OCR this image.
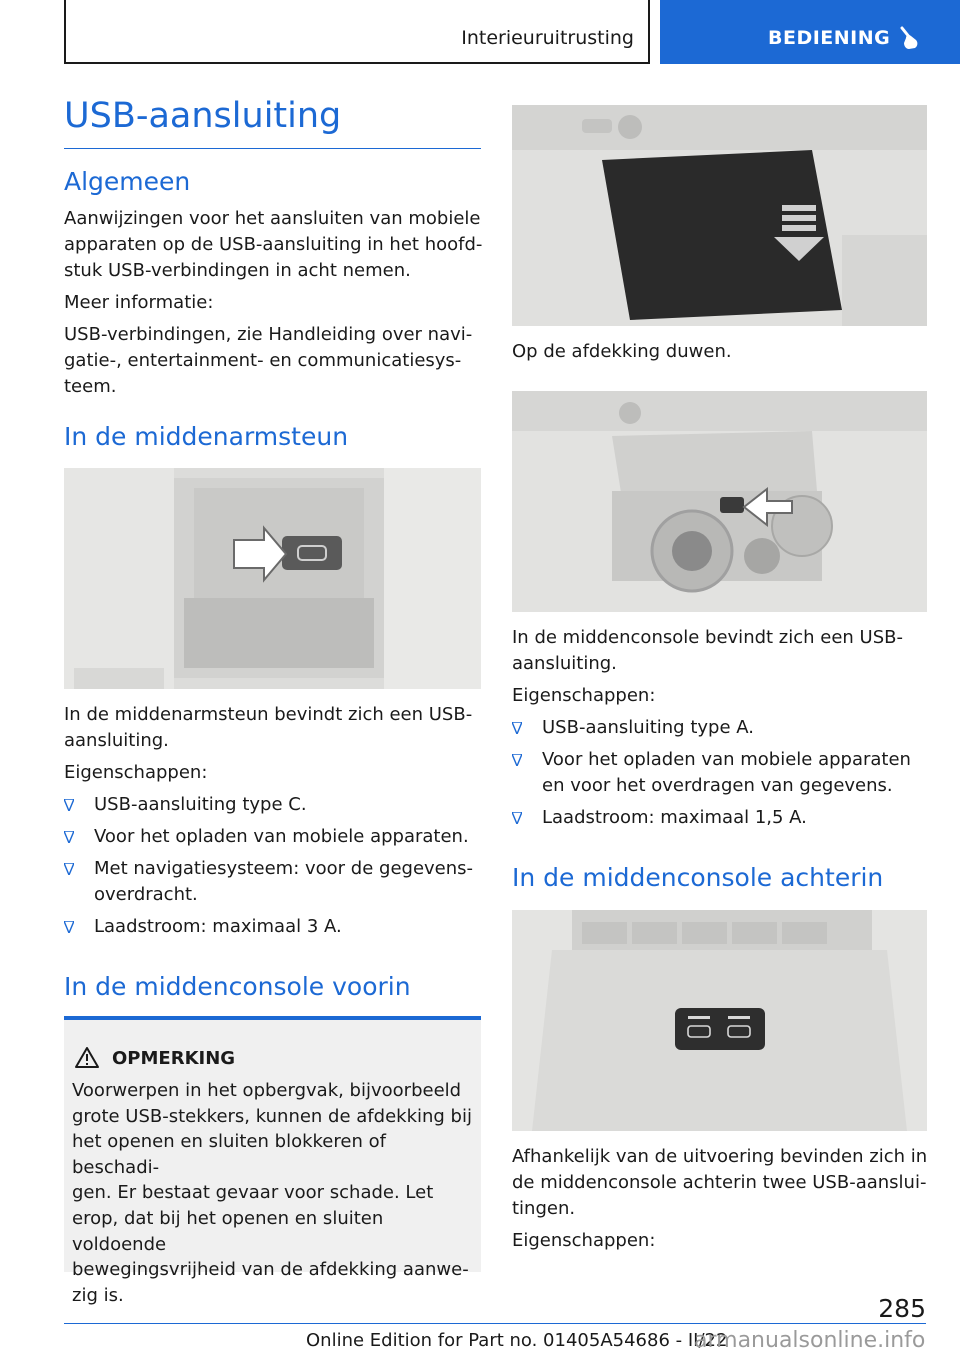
Interieuruitrusting	BEDIENING
USB-aansluiting
Algemeen
Aanwijzingen voor het aansluiten van mobiele
apparaten op de USB-aansluiting in het hoofd-
stuk USB-verbindingen in acht nemen.
Meer informatie:
USB-verbindingen, zie Handleiding over navi-
gatie-, entertainment- en communicatiesys-
teem.
In de middenarmsteun
In de middenarmsteun bevindt zich een USB-
aansluiting.
Eigenschappen:
USB-aansluiting type C.
Voor het opladen van mobiele apparaten.
Met navigatiesysteem: voor de gegevens-
overdracht.
Laadstroom: maximaal 3 A.
In de middenconsole voorin
OPMERKING
Voorwerpen in het opbergvak, bijvoorbeeld
grote USB-stekkers, kunnen de afdekking bij
het openen en sluiten blokkeren of beschadi-
gen. Er bestaat gevaar voor schade. Let
erop, dat bij het openen en sluiten voldoende
bewegingsvrijheid van de afdekking aanwe-
zig is.
Op de afdekking duwen.
In de middenconsole bevindt zich een USB-
aansluiting.
Eigenschappen:
USB-aansluiting type A.
Voor het opladen van mobiele apparaten
en voor het overdragen van gegevens.
Laadstroom: maximaal 1,5 A.
In de middenconsole achterin
Afhankelijk van de uitvoering bevinden zich in
de middenconsole achterin twee USB-aanslui-
tingen.
Eigenschappen:
285
Online Edition for Part no. 01405A54686 - II/22
armanualsonline.info
